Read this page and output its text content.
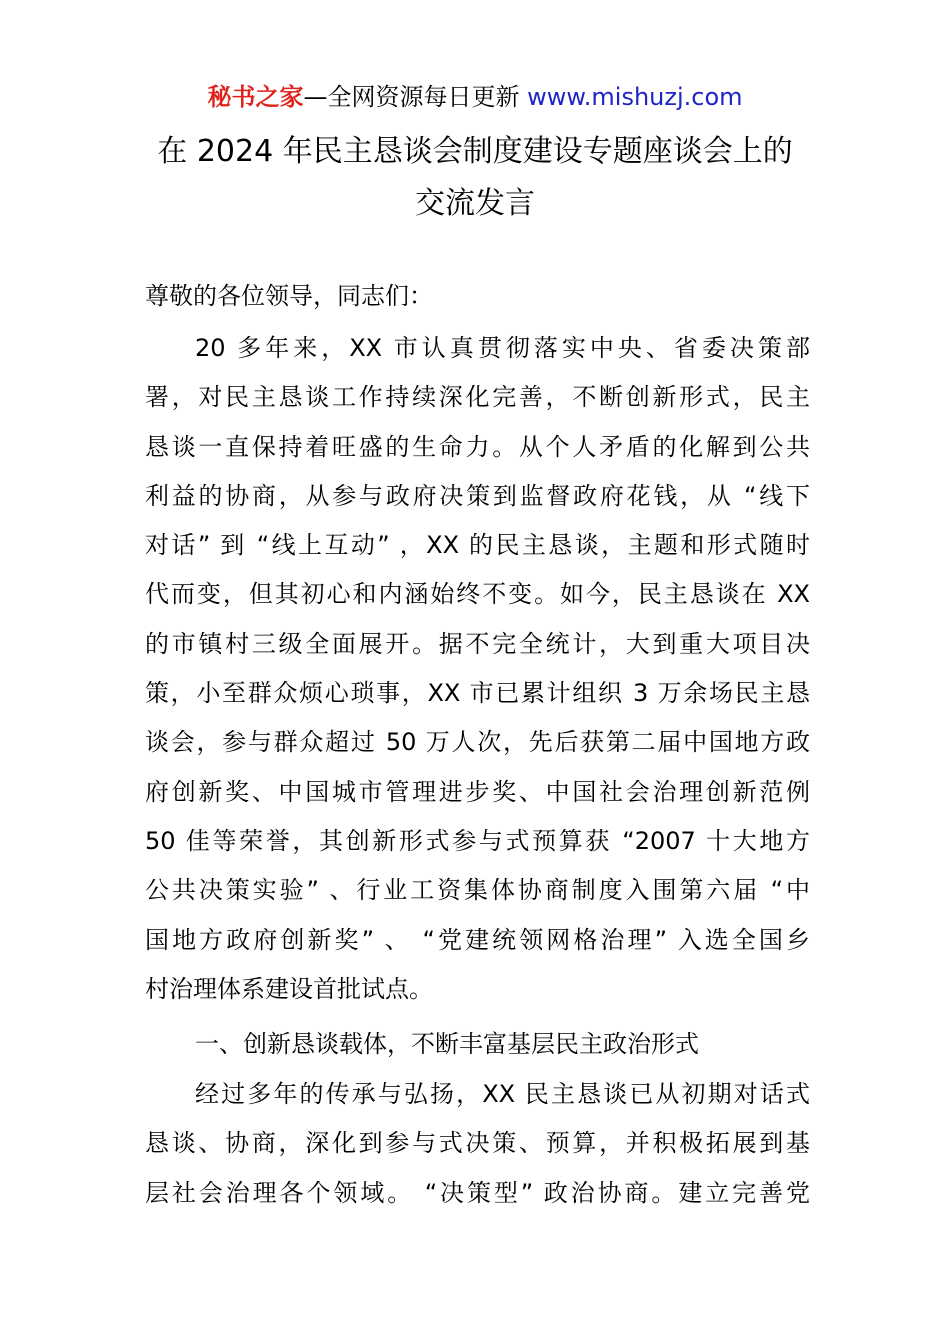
秘书之家—全网资源每日更新 www.mishuzj.com
在 2024 年民主恳谈会制度建设专题座谈会上的
交流发言
尊敬的各位领导，同志们：
20 多年来，XX 市认真贯彻落实中央、省委决策部
署，对民主恳谈工作持续深化完善，不断创新形式，民主
恳谈一直保持着旺盛的生命力。从个人矛盾的化解到公共
利益的协商，从参与政府决策到监督政府花钱，从 “线下
对话” 到 “线上互动” ，XX 的民主恳谈，主题和形式随时
代而变，但其初心和内涵始终不变。如今，民主恳谈在 XX
的市镇村三级全面展开。据不完全统计，大到重大项目决
策，小至群众烦心琐事，XX 市已累计组织 3 万余场民主恳
谈会，参与群众超过 50 万人次，先后获第二届中国地方政
府创新奖、中国城市管理进步奖、中国社会治理创新范例
50 佳等荣誉，其创新形式参与式预算获 “2007 十大地方
公共决策实验” 、行业工资集体协商制度入围第六届 “中
国地方政府创新奖” 、 “党建统领网格治理” 入选全国乡
村治理体系建设首批试点。
一、创新恳谈载体，不断丰富基层民主政治形式
经过多年的传承与弘扬，XX 民主恳谈已从初期对话式
恳谈、协商，深化到参与式决策、预算，并积极拓展到基
层社会治理各个领域。 “决策型” 政治协商。建立完善党
